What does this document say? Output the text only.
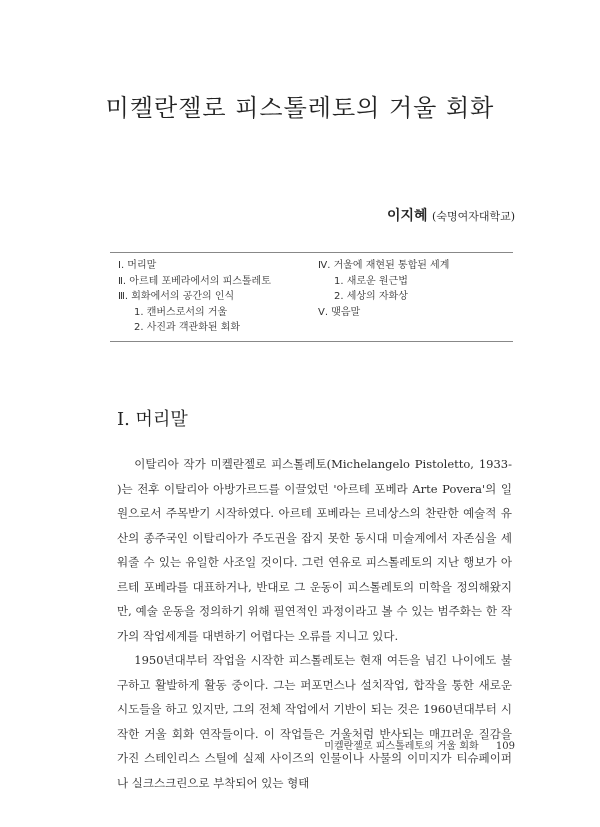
미켈란젤로 피스톨레토의 거울 회화
이지혜 (숙명여자대학교)
Ⅰ. 머리말
Ⅱ. 아르테 포베라에서의 피스톨레토
Ⅲ. 회화에서의 공간의 인식
1. 캔버스로서의 거울
2. 사진과 객관화된 회화
Ⅳ. 거울에 재현된 통합된 세계
1. 새로운 원근법
2. 세상의 자화상
Ⅴ. 맺음말
Ⅰ. 머리말

이탈리아 작가 미켈란젤로 피스톨레토(Michelangelo Pistoletto, 1933- )는 전후 이탈리아 아방가르드를 이끌었던 '아르테 포베라 Arte Povera'의 일원으로서 주목받기 시작하였다. 아르테 포베라는 르네상스의 찬란한 예술적 유산의 종주국인 이탈리아가 주도권을 잡지 못한 동시대 미술계에서 자존심을 세워줄 수 있는 유일한 사조일 것이다. 그런 연유로 피스톨레토의 지난 행보가 아르테 포베라를 대표하거나, 반대로 그 운동이 피스톨레토의 미학을 정의해왔지만, 예술 운동을 정의하기 위해 필연적인 과정이라고 볼 수 있는 범주화는 한 작가의 작업세계를 대변하기 어렵다는 오류를 지니고 있다.

1950년대부터 작업을 시작한 피스톨레토는 현재 여든을 넘긴 나이에도 불구하고 활발하게 활동 중이다. 그는 퍼포먼스나 설치작업, 합작을 통한 새로운 시도들을 하고 있지만, 그의 전체 작업에서 기반이 되는 것은 1960년대부터 시작한 거울 회화 연작들이다. 이 작업들은 거울처럼 반사되는 매끄러운 질감을 가진 스테인리스 스틸에 실제 사이즈의 인물이나 사물의 이미지가 티슈페이퍼나 실크스크린으로 부착되어 있는 형태

미켈란젤로 피스톨레토의 거울 회화 109
